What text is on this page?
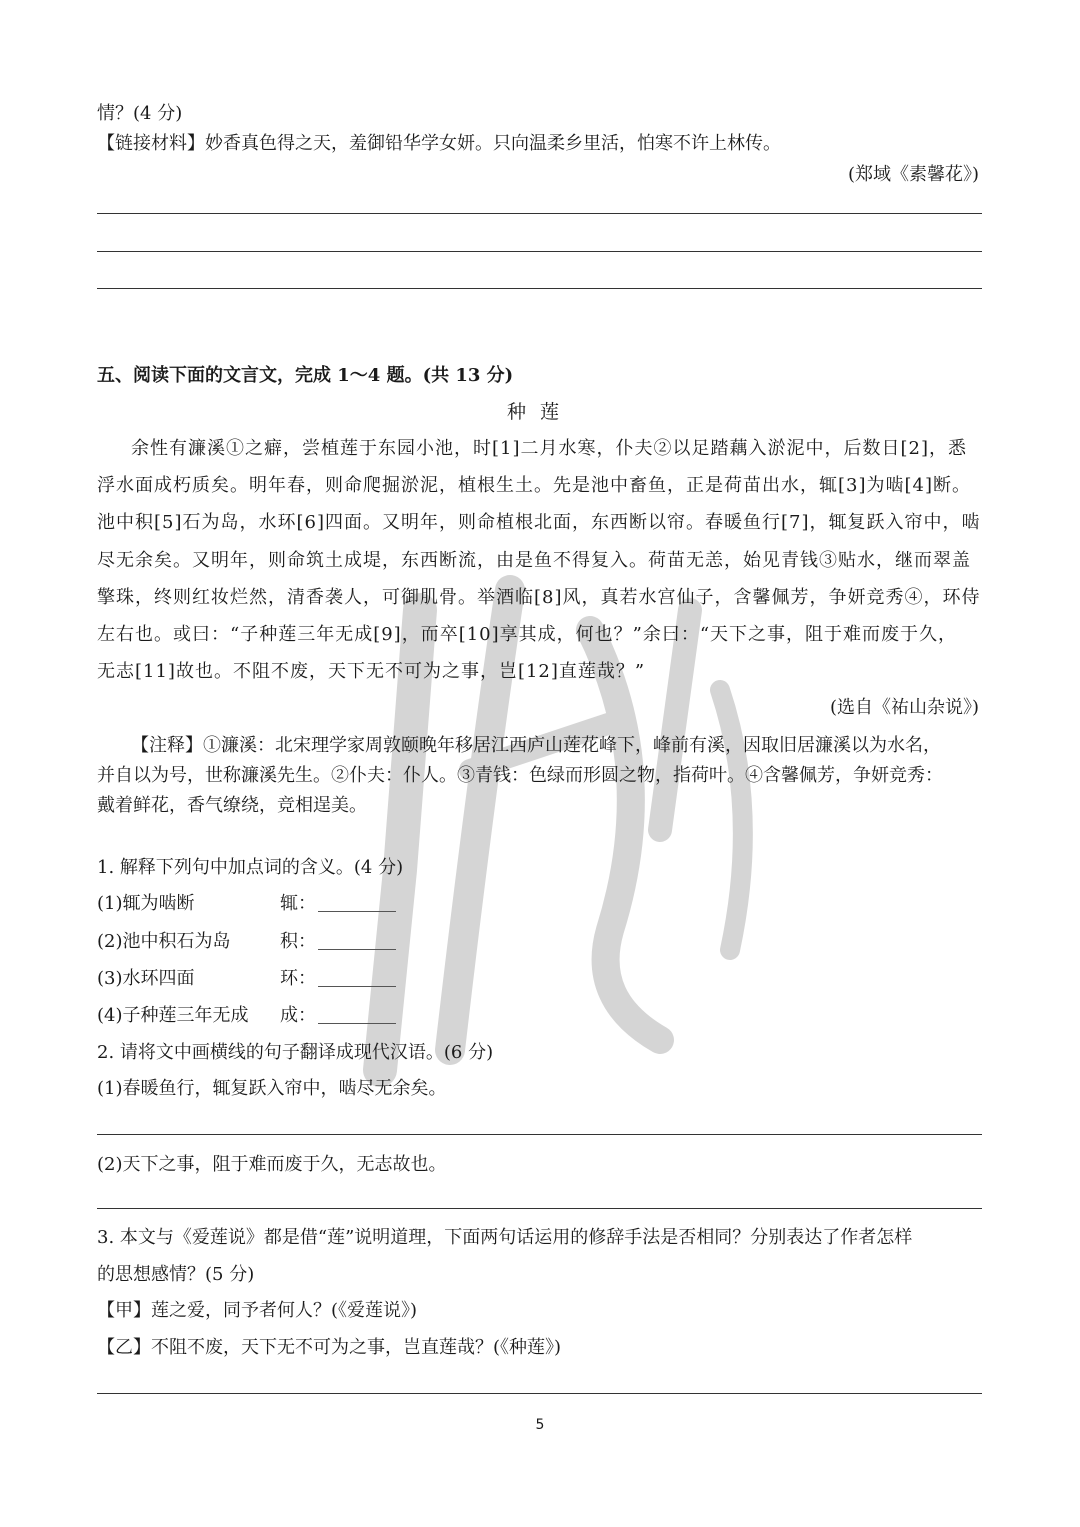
情？(4 分)
【链接材料】妙香真色得之天，羞御铅华学女妍。只向温柔乡里活，怕寒不许上林传。
(郑域《素馨花》)
五、阅读下面的文言文，完成 1～4 题。(共 13 分)
种莲
余性有濂溪①之癖，尝植莲于东园小池，时[1]二月水寒，仆夫②以足踏藕入淤泥中，后数日[2]，悉
浮水面成朽质矣。明年春，则命爬掘淤泥，植根生土。先是池中畜鱼，正是荷苗出水，辄[3]为啮[4]断。
池中积[5]石为岛，水环[6]四面。又明年，则命植根北面，东西断以帘。春暖鱼行[7]，辄复跃入帘中，啮
尽无余矣。又明年，则命筑土成堤，东西断流，由是鱼不得复入。荷苗无恙，始见青钱③贴水，继而翠盖
擎珠，终则红妆烂然，清香袭人，可御肌骨。举酒临[8]风，真若水宫仙子，含馨佩芳，争妍竞秀④，环侍
左右也。或曰：“子种莲三年无成[9]，而卒[10]享其成，何也？”余曰：“天下之事，阻于难而废于久，
无志[11]故也。不阻不废，天下无不可为之事，岂[12]直莲哉？”
(选自《祐山杂说》)
【注释】①濂溪：北宋理学家周敦颐晚年移居江西庐山莲花峰下，峰前有溪，因取旧居濂溪以为水名，
并自以为号，世称濂溪先生。②仆夫：仆人。③青钱：色绿而形圆之物，指荷叶。④含馨佩芳，争妍竞秀：
戴着鲜花，香气缭绕，竞相逞美。
1. 解释下列句中加点词的含义。(4 分)
(1)辄为啮断	辄：
(2)池中积石为岛	积：
(3)水环四面	环：
(4)子种莲三年无成 成：
2. 请将文中画横线的句子翻译成现代汉语。(6 分)
(1)春暖鱼行，辄复跃入帘中，啮尽无余矣。
(2)天下之事，阻于难而废于久，无志故也。
3. 本文与《爱莲说》都是借“莲”说明道理，下面两句话运用的修辞手法是否相同？分别表达了作者怎样
的思想感情？(5 分)
【甲】莲之爱，同予者何人？(《爱莲说》)
【乙】不阻不废，天下无不可为之事，岂直莲哉？(《种莲》)
5
